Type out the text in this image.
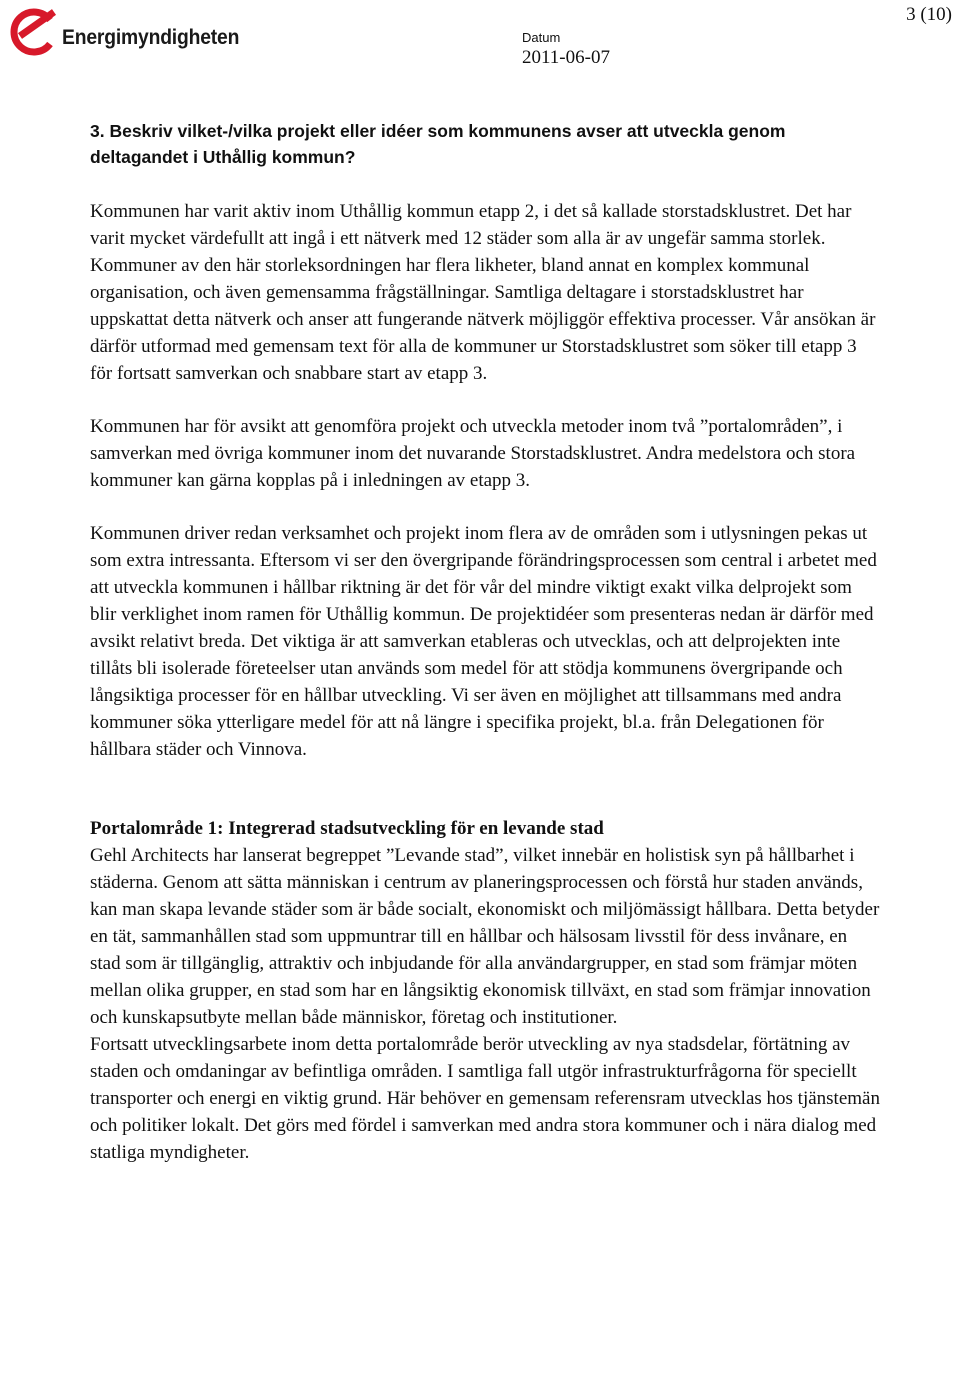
Energimyndigheten	Datum
2011-06-07
3 (10)
3. Beskriv vilket-/vilka projekt eller idéer som kommunens avser att utveckla genom deltagandet i Uthållig kommun?

Kommunen har varit aktiv inom Uthållig kommun etapp 2, i det så kallade storstadsklustret. Det har varit mycket värdefullt att ingå i ett nätverk med 12 städer som alla är av ungefär samma storlek. Kommuner av den här storleksordningen har flera likheter, bland annat en komplex kommunal organisation, och även gemensamma frågställningar. Samtliga deltagare i storstadsklustret har uppskattat detta nätverk och anser att fungerande nätverk möjliggör effektiva processer. Vår ansökan är därför utformad med gemensam text för alla de kommuner ur Storstadsklustret som söker till etapp 3 för fortsatt samverkan och snabbare start av etapp 3.

Kommunen har för avsikt att genomföra projekt och utveckla metoder inom två ”portalområden”, i samverkan med övriga kommuner inom det nuvarande Storstadsklustret. Andra medelstora och stora kommuner kan gärna kopplas på i inledningen av etapp 3.

Kommunen driver redan verksamhet och projekt inom flera av de områden som i utlysningen pekas ut som extra intressanta. Eftersom vi ser den övergripande förändringsprocessen som central i arbetet med att utveckla kommunen i hållbar riktning är det för vår del mindre viktigt exakt vilka delprojekt som blir verklighet inom ramen för Uthållig kommun. De projektidéer som presenteras nedan är därför med avsikt relativt breda. Det viktiga är att samverkan etableras och utvecklas, och att delprojekten inte tillåts bli isolerade företeelser utan används som medel för att stödja kommunens övergripande och långsiktiga processer för en hållbar utveckling. Vi ser även en möjlighet att tillsammans med andra kommuner söka ytterligare medel för att nå längre i specifika projekt, bl.a. från Delegationen för hållbara städer och Vinnova.

Portalområde 1: Integrerad stadsutveckling för en levande stad

Gehl Architects har lanserat begreppet ”Levande stad”, vilket innebär en holistisk syn på hållbarhet i städerna. Genom att sätta människan i centrum av planeringsprocessen och förstå hur staden används, kan man skapa levande städer som är både socialt, ekonomiskt och miljömässigt hållbara. Detta betyder en tät, sammanhållen stad som uppmuntrar till en hållbar och hälsosam livsstil för dess invånare, en stad som är tillgänglig, attraktiv och inbjudande för alla användargrupper, en stad som främjar möten mellan olika grupper, en stad som har en långsiktig ekonomisk tillväxt, en stad som främjar innovation och kunskapsutbyte mellan både människor, företag och institutioner.

Fortsatt utvecklingsarbete inom detta portalområde berör utveckling av nya stadsdelar, förtätning av staden och omdaningar av befintliga områden. I samtliga fall utgör infrastrukturfrågorna för speciellt transporter och energi en viktig grund. Här behöver en gemensam referensram utvecklas hos tjänstemän och politiker lokalt. Det görs med fördel i samverkan med andra stora kommuner och i nära dialog med statliga myndigheter.
